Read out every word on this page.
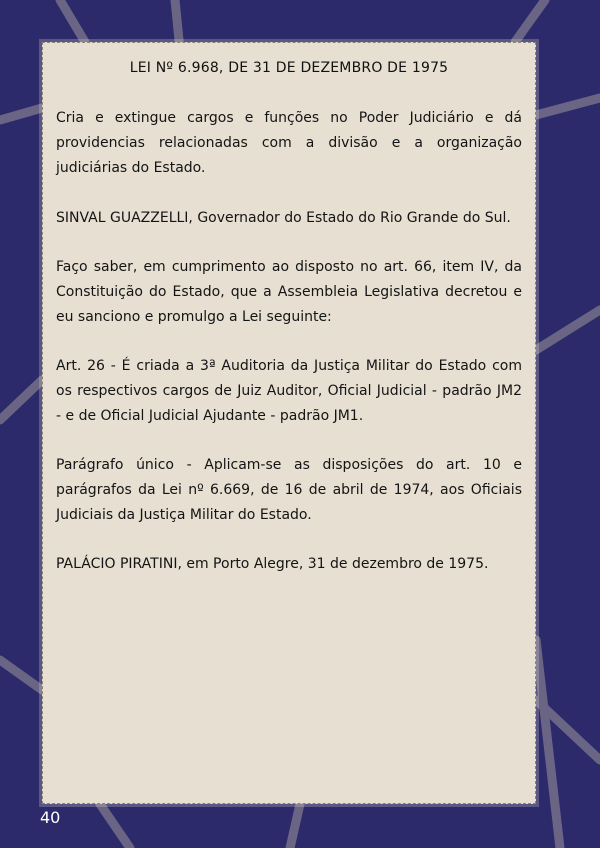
LEI Nº 6.968, DE 31 DE DEZEMBRO DE 1975

Cria e extingue cargos e funções no Poder Judiciário e dá providencias relacionadas com a divisão e a organização judiciárias do Estado.

SINVAL GUAZZELLI, Governador do Estado do Rio Grande do Sul.

Faço saber, em cumprimento ao disposto no art. 66, item IV, da Constituição do Estado, que a Assembleia Legislativa decretou e eu sanciono e promulgo a Lei seguinte:

Art. 26 - É criada a 3ª Auditoria da Justiça Militar do Estado com os respectivos cargos de Juiz Auditor, Oficial Judicial - padrão JM2 - e de Oficial Judicial Ajudante - padrão JM1.

Parágrafo único - Aplicam-se as disposições do art. 10 e parágrafos da Lei nº 6.669, de 16 de abril de 1974, aos Oficiais Judiciais da Justiça Militar do Estado.

PALÁCIO PIRATINI, em Porto Alegre, 31 de dezembro de 1975.

40
